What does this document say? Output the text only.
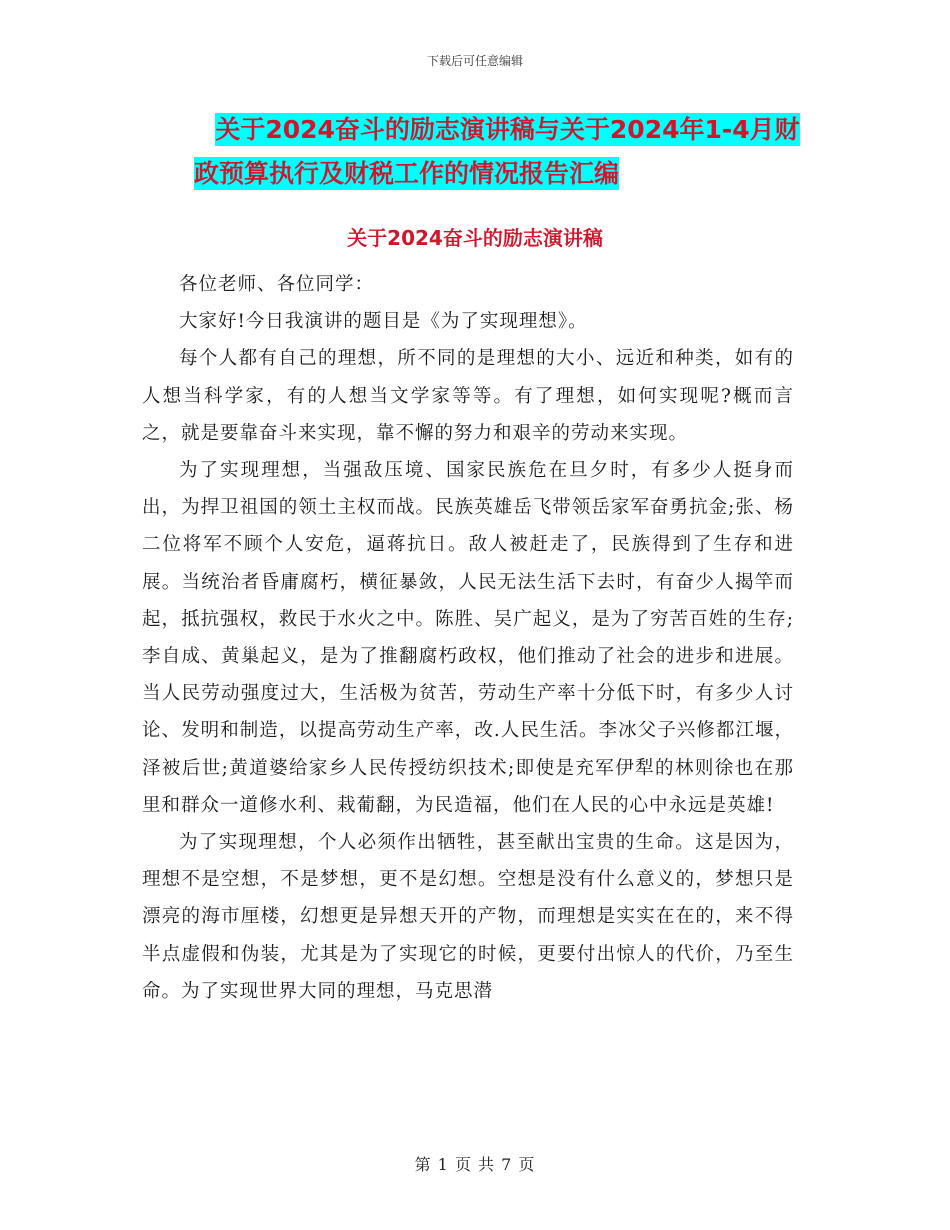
下载后可任意编辑
关于2024奋斗的励志演讲稿与关于2024年1-4月财
政预算执行及财税工作的情况报告汇编
关于2024奋斗的励志演讲稿

各位老师、各位同学：

大家好!今日我演讲的题目是《为了实现理想》。

每个人都有自己的理想，所不同的是理想的大小、远近和种类，如有的人想当科学家，有的人想当文学家等等。有了理想，如何实现呢?概而言之，就是要靠奋斗来实现，靠不懈的努力和艰辛的劳动来实现。

为了实现理想，当强敌压境、国家民族危在旦夕时，有多少人挺身而出，为捍卫祖国的领土主权而战。民族英雄岳飞带领岳家军奋勇抗金;张、杨二位将军不顾个人安危，逼蒋抗日。敌人被赶走了，民族得到了生存和进展。当统治者昏庸腐朽，横征暴敛，人民无法生活下去时，有奋少人揭竿而起，抵抗强权，救民于水火之中。陈胜、吴广起义，是为了穷苦百姓的生存;李自成、黄巢起义，是为了推翻腐朽政权，他们推动了社会的进步和进展。当人民劳动强度过大，生活极为贫苦，劳动生产率十分低下时，有多少人讨论、发明和制造，以提高劳动生产率，改.人民生活。李冰父子兴修都江堰，泽被后世;黄道婆给家乡人民传授纺织技术;即使是充军伊犁的林则徐也在那里和群众一道修水利、栽葡翻，为民造福，他们在人民的心中永远是英雄!

为了实现理想，个人必须作出牺牲，甚至献出宝贵的生命。这是因为，理想不是空想，不是梦想，更不是幻想。空想是没有什么意义的，梦想只是漂亮的海市厘楼，幻想更是异想天开的产物，而理想是实实在在的，来不得半点虚假和伪装，尤其是为了实现它的时候，更要付出惊人的代价，乃至生命。为了实现世界大同的理想，马克思潜

第 1 页 共 7 页
